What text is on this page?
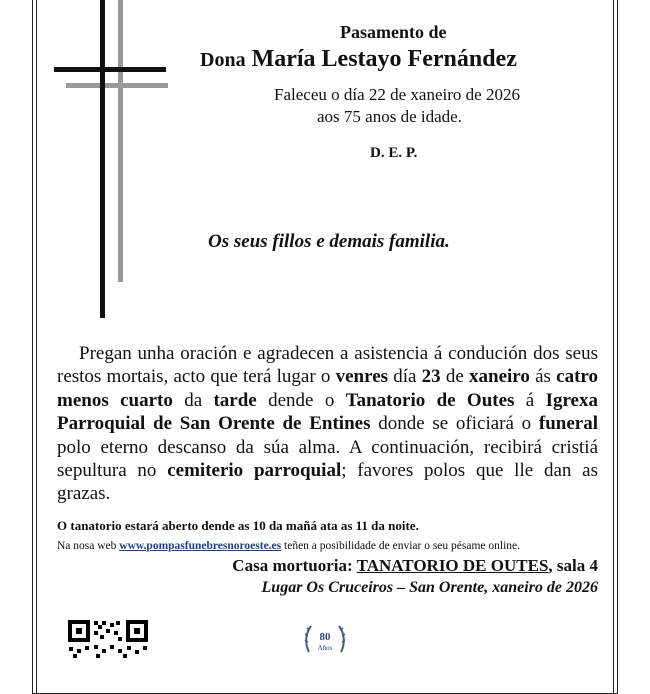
Pasamento de
Dona María Lestayo Fernández
Faleceu o día 22 de xaneiro de 2026
aos 75 anos de idade.
D. E. P.
Os seus fillos e demais familia.
Pregan unha oración e agradecen a asistencia á condución dos seus restos mortais, acto que terá lugar o venres día 23 de xaneiro ás catro menos cuarto da tarde dende o Tanatorio de Outes á Igrexa Parroquial de San Orente de Entines donde se oficiará o funeral polo eterno descanso da súa alma. A continuación, recibirá cristiá sepultura no cemiterio parroquial; favores polos que lle dan as grazas.
O tanatorio estará aberto dende as 10 da mañá ata as 11 da noite.
Na nosa web www.pompasfunebresnoroeste.es teñen a posibilidade de enviar o seu pésame online.
Casa mortuoria: TANATORIO DE OUTES, sala 4
Lugar Os Cruceiros – San Orente, xaneiro de 2026
80
Años
